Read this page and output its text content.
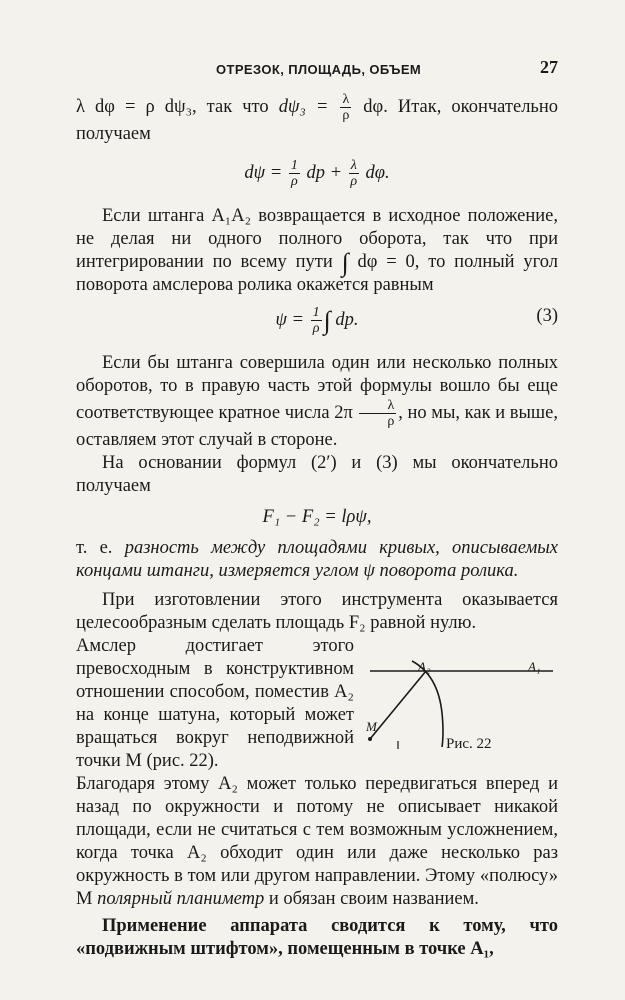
ОТРЕЗОК, ПЛОЩАДЬ, ОБЪЕМ	27

λ dφ = ρ dψ₃, так что $d\psi_3 = \frac{\lambda}{\rho} d\varphi$. Итак, окончательно получаем

$d\psi = \frac{1}{\rho}$ dp + $\frac{\lambda}{\rho} d\varphi$.

Если штанга A₁A₂ возвращается в исходное положение, не делая ни одного полного оборота, так что при интегрировании по всему пути ∫ dφ = 0, то полный угол поворота амслерова ролика окажется равным

$\psi = \frac{1}{\rho}$ ∫ dp.	(3)

Если бы штанга совершила один или несколько полных оборотов, то в правую часть этой формулы вошло бы еще соответствующее кратное числа $2\pi \frac{\lambda}{\rho}$ , но мы, как и выше, оставляем этот случай в стороне.

На основании формул (2′) и (3) мы окончательно получаем

F₁ − F₂ = lρψ,

т. е. разность между площадями кривых, описываемых концами штанги, измеряется углом ψ поворота ролика.

При изготовлении этого инструмента оказывается целесообразным сделать площадь F₂ равной нулю.

Амслер достигает этого превосходным в конструктивном отношении способом, поместив A₂ на конце шатуна, который может вращаться вокруг неподвижной точки M (рис. 22).

A₂	A₁
M
Рис. 22

Благодаря этому A₂ может только передвигаться вперед и назад по окружности и потому не описывает никакой площади, если не считаться с тем возможным усложнением, когда точка A₂ обходит один или даже несколько раз окружность в том или другом направлении. Этому «полюсу» M полярный планиметр и обязан своим названием.

Применение аппарата сводится к тому, что «подвижным штифтом», помещенным в точке A₁,
